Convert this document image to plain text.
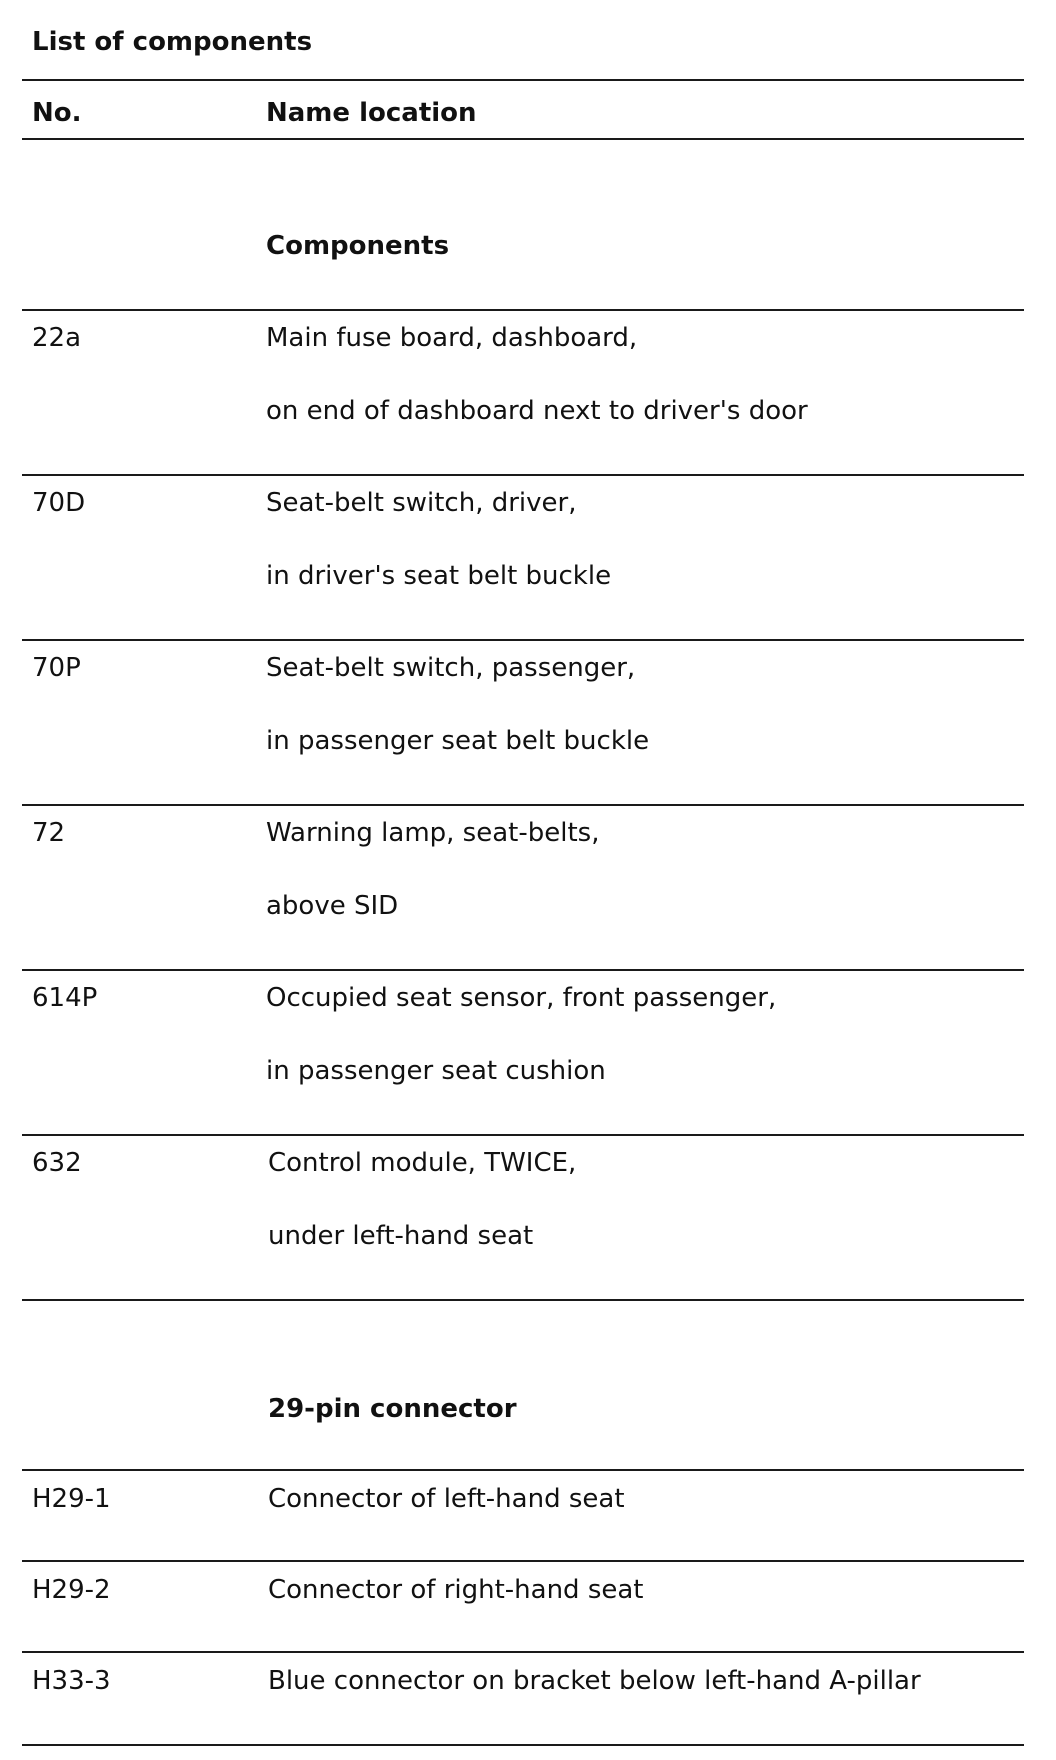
List of components
No.	Name location
Components
22a	Main fuse board, dashboard,
on end of dashboard next to driver's door
70D	Seat-belt switch, driver,
in driver's seat belt buckle
70P	Seat-belt switch, passenger,
in passenger seat belt buckle
72	Warning lamp, seat-belts,
above SID
614P	Occupied seat sensor, front passenger,
in passenger seat cushion
632	Control module, TWICE,
under left-hand seat
29-pin connector
H29-1	Connector of left-hand seat
H29-2	Connector of right-hand seat
H33-3	Blue connector on bracket below left-hand A-pillar
